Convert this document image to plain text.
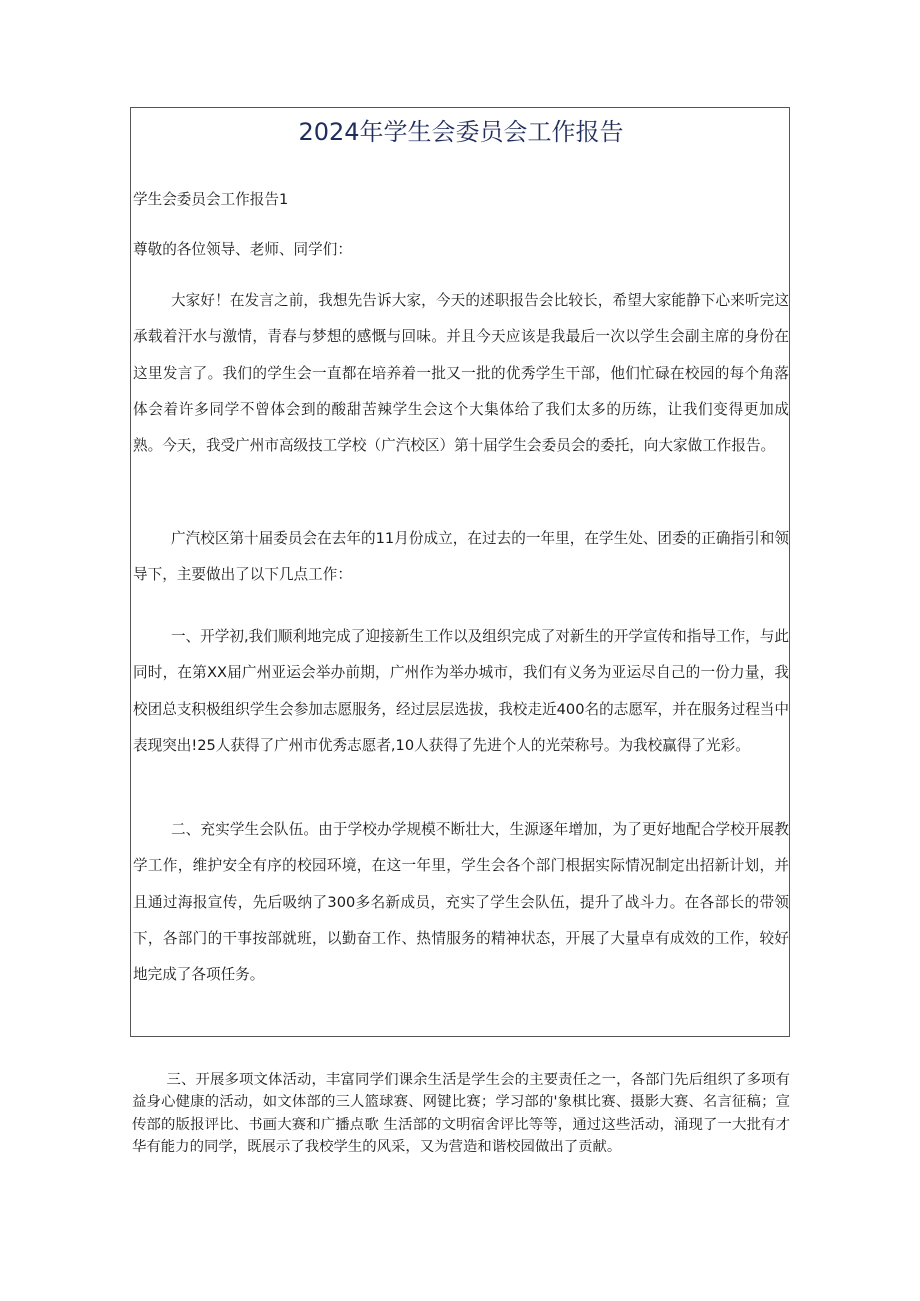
2024年学生会委员会工作报告

学生会委员会工作报告1

尊敬的各位领导、老师、同学们：

大家好！在发言之前，我想先告诉大家，今天的述职报告会比较长，希望大家能静下心来听完这承载着汗水与激情，青春与梦想的感慨与回味。并且今天应该是我最后一次以学生会副主席的身份在这里发言了。我们的学生会一直都在培养着一批又一批的优秀学生干部，他们忙碌在校园的每个角落体会着许多同学不曾体会到的酸甜苦辣学生会这个大集体给了我们太多的历练，让我们变得更加成熟。今天，我受广州市高级技工学校（广汽校区）第十届学生会委员会的委托，向大家做工作报告。

广汽校区第十届委员会在去年的11月份成立，在过去的一年里，在学生处、团委的正确指引和领导下，主要做出了以下几点工作：

一、开学初,我们顺利地完成了迎接新生工作以及组织完成了对新生的开学宣传和指导工作，与此同时，在第XX届广州亚运会举办前期，广州作为举办城市，我们有义务为亚运尽自己的一份力量，我校团总支积极组织学生会参加志愿服务，经过层层选拔，我校走近400名的志愿军，并在服务过程当中表现突出!25人获得了广州市优秀志愿者,10人获得了先进个人的光荣称号。为我校赢得了光彩。

二、充实学生会队伍。由于学校办学规模不断壮大，生源逐年增加，为了更好地配合学校开展教学工作，维护安全有序的校园环境，在这一年里，学生会各个部门根据实际情况制定出招新计划，并且通过海报宣传，先后吸纳了300多名新成员，充实了学生会队伍，提升了战斗力。在各部长的带领下，各部门的干事按部就班，以勤奋工作、热情服务的精神状态，开展了大量卓有成效的工作，较好地完成了各项任务。

三、开展多项文体活动，丰富同学们课余生活是学生会的主要责任之一，各部门先后组织了多项有益身心健康的活动，如文体部的三人篮球赛、网键比赛；学习部的'象棋比赛、摄影大赛、名言征稿；宣传部的版报评比、书画大赛和广播点歌 生活部的文明宿舍评比等等，通过这些活动，涌现了一大批有才华有能力的同学，既展示了我校学生的风采，又为营造和谐校园做出了贡献。
